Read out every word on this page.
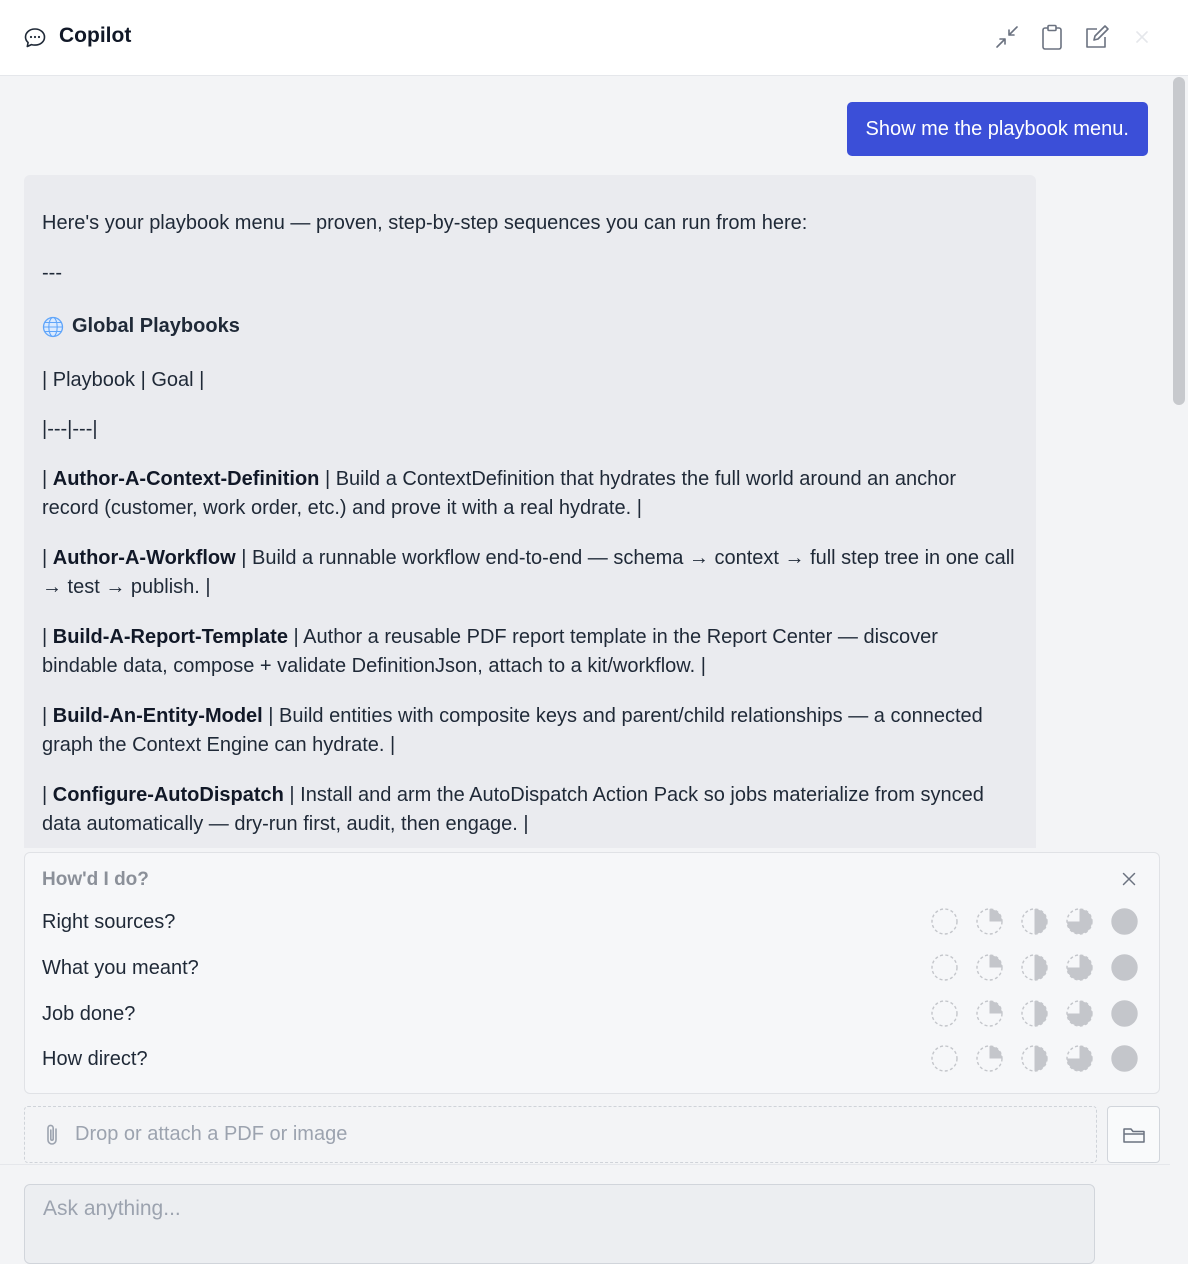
Copilot
Show me the playbook menu.

Here's your playbook menu — proven, step-by-step sequences you can run from here:

---

Global Playbooks

| Playbook | Goal |

|---|---|

| Author-A-Context-Definition | Build a ContextDefinition that hydrates the full world around an anchor record (customer, work order, etc.) and prove it with a real hydrate. |

| Author-A-Workflow | Build a runnable workflow end-to-end — schema → context → full step tree in one call → test → publish. |

| Build-A-Report-Template | Author a reusable PDF report template in the Report Center — discover bindable data, compose + validate DefinitionJson, attach to a kit/workflow. |

| Build-An-Entity-Model | Build entities with composite keys and parent/child relationships — a connected graph the Context Engine can hydrate. |

| Configure-AutoDispatch | Install and arm the AutoDispatch Action Pack so jobs materialize from synced data automatically — dry-run first, audit, then engage. |

How'd I do?
Right sources?
What you meant?
Job done?
How direct?
Drop or attach a PDF or image
Ask anything...
